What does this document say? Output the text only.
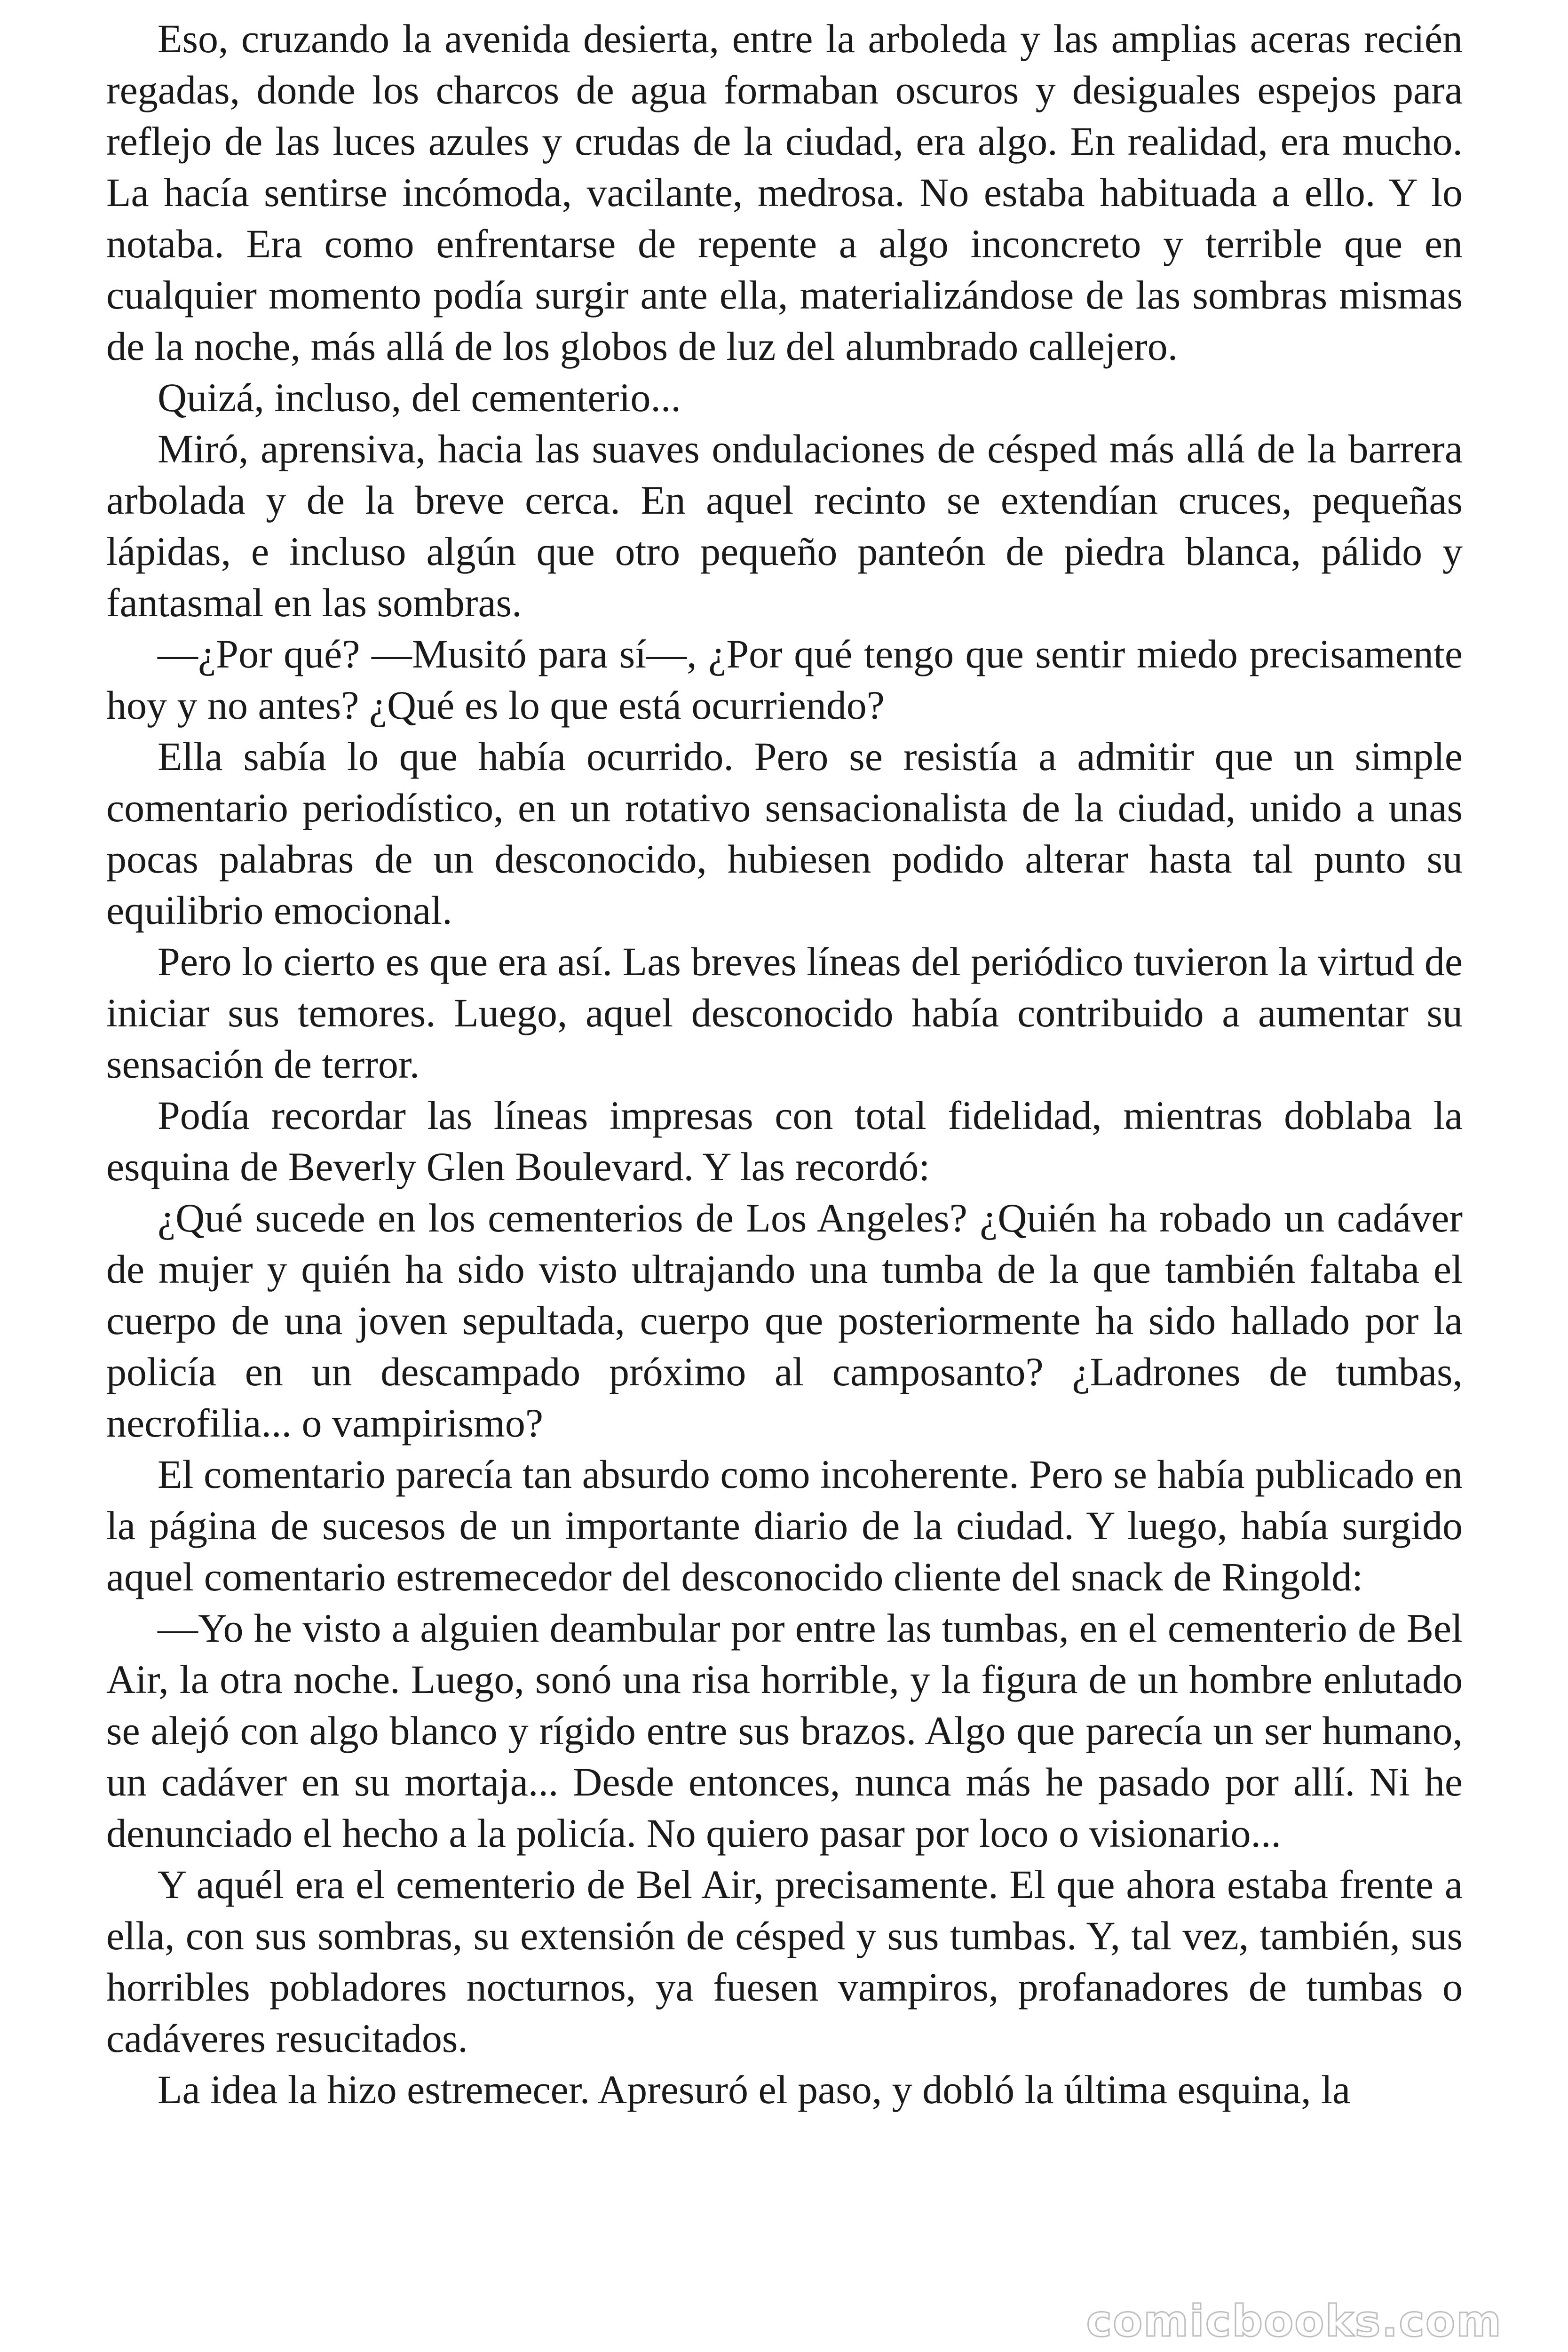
Eso, cruzando la avenida desierta, entre la arboleda y las amplias aceras recién regadas, donde los charcos de agua formaban oscuros y desiguales espejos para reflejo de las luces azules y crudas de la ciudad, era algo. En realidad, era mucho. La hacía sentirse incómoda, vacilante, medrosa. No estaba habituada a ello. Y lo notaba. Era como enfrentarse de repente a algo inconcreto y terrible que en cualquier momento podía surgir ante ella, materializándose de las sombras mismas de la noche, más allá de los globos de luz del alumbrado callejero.

Quizá, incluso, del cementerio...

Miró, aprensiva, hacia las suaves ondulaciones de césped más allá de la barrera arbolada y de la breve cerca. En aquel recinto se extendían cruces, pequeñas lápidas, e incluso algún que otro pequeño panteón de piedra blanca, pálido y fantasmal en las sombras.

—¿Por qué? —Musitó para sí—, ¿Por qué tengo que sentir miedo precisamente hoy y no antes? ¿Qué es lo que está ocurriendo?

Ella sabía lo que había ocurrido. Pero se resistía a admitir que un simple comentario periodístico, en un rotativo sensacionalista de la ciudad, unido a unas pocas palabras de un desconocido, hubiesen podido alterar hasta tal punto su equilibrio emocional.

Pero lo cierto es que era así. Las breves líneas del periódico tuvieron la virtud de iniciar sus temores. Luego, aquel desconocido había contribuido a aumentar su sensación de terror.

Podía recordar las líneas impresas con total fidelidad, mientras doblaba la esquina de Beverly Glen Boulevard. Y las recordó:

¿Qué sucede en los cementerios de Los Angeles? ¿Quién ha robado un cadáver de mujer y quién ha sido visto ultrajando una tumba de la que también faltaba el cuerpo de una joven sepultada, cuerpo que posteriormente ha sido hallado por la policía en un descampado próximo al camposanto? ¿Ladrones de tumbas, necrofilia... o vampirismo?

El comentario parecía tan absurdo como incoherente. Pero se había publicado en la página de sucesos de un importante diario de la ciudad. Y luego, había surgido aquel comentario estremecedor del desconocido cliente del snack de Ringold:

—Yo he visto a alguien deambular por entre las tumbas, en el cementerio de Bel Air, la otra noche. Luego, sonó una risa horrible, y la figura de un hombre enlutado se alejó con algo blanco y rígido entre sus brazos. Algo que parecía un ser humano, un cadáver en su mortaja... Desde entonces, nunca más he pasado por allí. Ni he denunciado el hecho a la policía. No quiero pasar por loco o visionario...

Y aquél era el cementerio de Bel Air, precisamente. El que ahora estaba frente a ella, con sus sombras, su extensión de césped y sus tumbas. Y, tal vez, también, sus horribles pobladores nocturnos, ya fuesen vampiros, profanadores de tumbas o cadáveres resucitados.

La idea la hizo estremecer. Apresuró el paso, y dobló la última esquina, la

comicbooks.com
